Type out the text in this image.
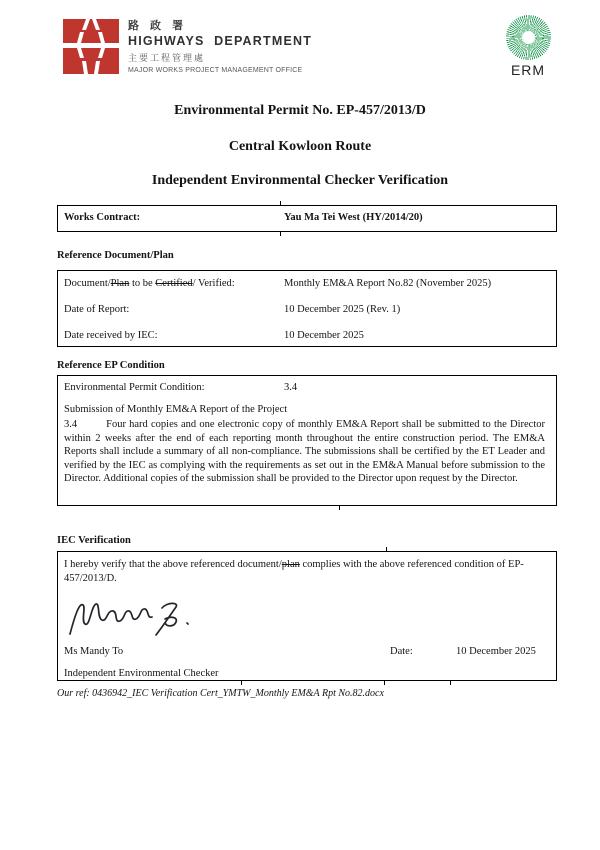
路 政 署
HIGHWAYS DEPARTMENT
主要工程管理處
MAJOR WORKS PROJECT MANAGEMENT OFFICE	ERM
Environmental Permit No. EP-457/2013/D
Central Kowloon Route
Independent Environmental Checker Verification
Works Contract:	Yau Ma Tei West (HY/2014/20)
Reference Document/Plan
Document/Plan to be Certified/ Verified:	Monthly EM&A Report No.82 (November 2025)
Date of Report:	10 December 2025 (Rev. 1)
Date received by IEC:	10 December 2025
Reference EP Condition
Environmental Permit Condition:	3.4
Submission of Monthly EM&A Report of the Project

3.4	Four hard copies and one electronic copy of monthly EM&A Report shall be submitted to the Director within 2 weeks after the end of each reporting month throughout the entire construction period. The EM&A Reports shall include a summary of all non-compliance. The submissions shall be certified by the ET Leader and verified by the IEC as complying with the requirements as set out in the EM&A Manual before submission to the Director. Additional copies of the submission shall be provided to the Director upon request by the Director.

IEC Verification
I hereby verify that the above referenced document/plan complies with the above referenced condition of EP-457/2013/D.
Ms Mandy To	Date:	10 December 2025
Independent Environmental Checker
Our ref: 0436942_IEC Verification Cert_YMTW_Monthly EM&A Rpt No.82.docx
